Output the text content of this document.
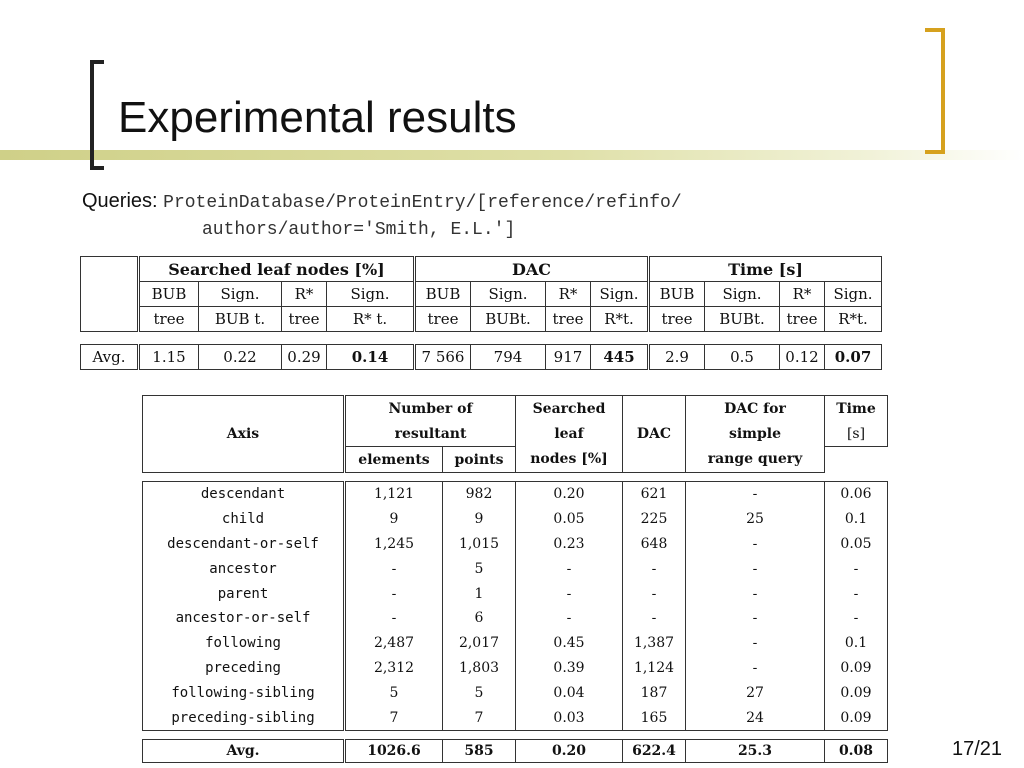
Experimental results
Queries: ProteinDatabase/ProteinEntry/[reference/refinfo/
authors/author='Smith, E.L.']
	Searched leaf nodes [%]				DAC				Time [s]			
	BUB	Sign.	R*	Sign.	BUB	Sign.	R*	Sign.	BUB	Sign.	R*	Sign.
	tree	BUB t.	tree	R* t.	tree	BUBt.	tree	R*t.	tree	BUBt.	tree	R*t.

Avg.	1.15	0.22	0.29	0.14	7 566	794	917	445	2.9	0.5	0.12	0.07
Axis	Number of		Searched	DAC	DAC for	Time
	resultant		leaf		simple	[s]
	elements	points	nodes [%]		range query	

descendant	1,121	982	0.20	621	-	0.06
child	9	9	0.05	225	25	0.1
descendant-or-self	1,245	1,015	0.23	648	-	0.05
ancestor	-	5	-	-	-	-
parent	-	1	-	-	-	-
ancestor-or-self	-	6	-	-	-	-
following	2,487	2,017	0.45	1,387	-	0.1
preceding	2,312	1,803	0.39	1,124	-	0.09
following-sibling	5	5	0.04	187	27	0.09
preceding-sibling	7	7	0.03	165	24	0.09

Avg.	1026.6	585	0.20	622.4	25.3	0.08	17/21
